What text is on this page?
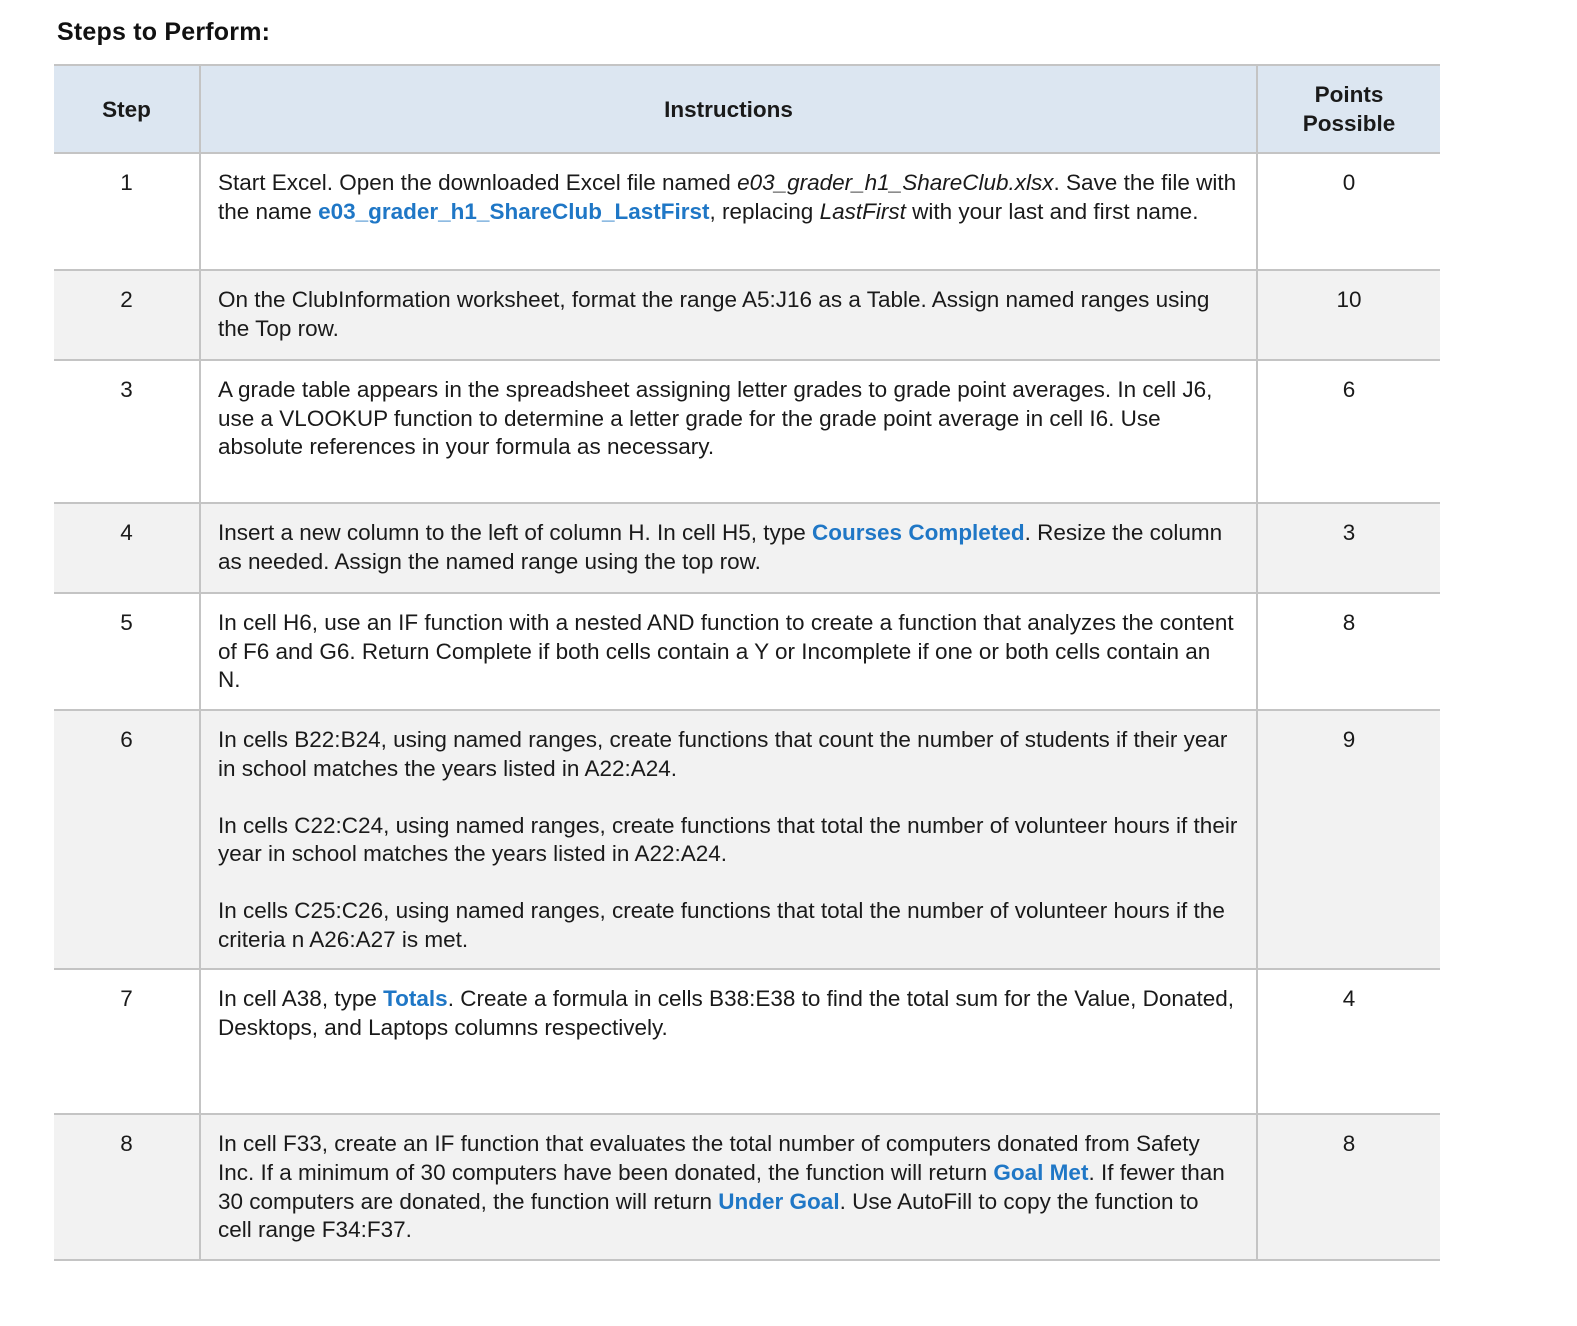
Steps to Perform:
Step	Instructions	Points
Possible
1	Start Excel. Open the downloaded Excel file named e03_grader_h1_ShareClub.xlsx. Save the file with the name e03_grader_h1_ShareClub_LastFirst, replacing LastFirst with your last and first name.	0
2	On the ClubInformation worksheet, format the range A5:J16 as a Table. Assign named ranges using the Top row.	10
3	A grade table appears in the spreadsheet assigning letter grades to grade point averages. In cell J6, use a VLOOKUP function to determine a letter grade for the grade point average in cell I6. Use absolute references in your formula as necessary.	6
4	Insert a new column to the left of column H. In cell H5, type Courses Completed. Resize the column as needed. Assign the named range using the top row.	3
5	In cell H6, use an IF function with a nested AND function to create a function that analyzes the content of F6 and G6. Return Complete if both cells contain a Y or Incomplete if one or both cells contain an N.	8
6	In cells B22:B24, using named ranges, create functions that count the number of students if their year in school matches the years listed in A22:A24.

In cells C22:C24, using named ranges, create functions that total the number of volunteer hours if their year in school matches the years listed in A22:A24.

In cells C25:C26, using named ranges, create functions that total the number of volunteer hours if the criteria n A26:A27 is met.	9
7	In cell A38, type Totals. Create a formula in cells B38:E38 to find the total sum for the Value, Donated, Desktops, and Laptops columns respectively.	4
8	In cell F33, create an IF function that evaluates the total number of computers donated from Safety Inc. If a minimum of 30 computers have been donated, the function will return Goal Met. If fewer than 30 computers are donated, the function will return Under Goal. Use AutoFill to copy the function to cell range F34:F37.	8
